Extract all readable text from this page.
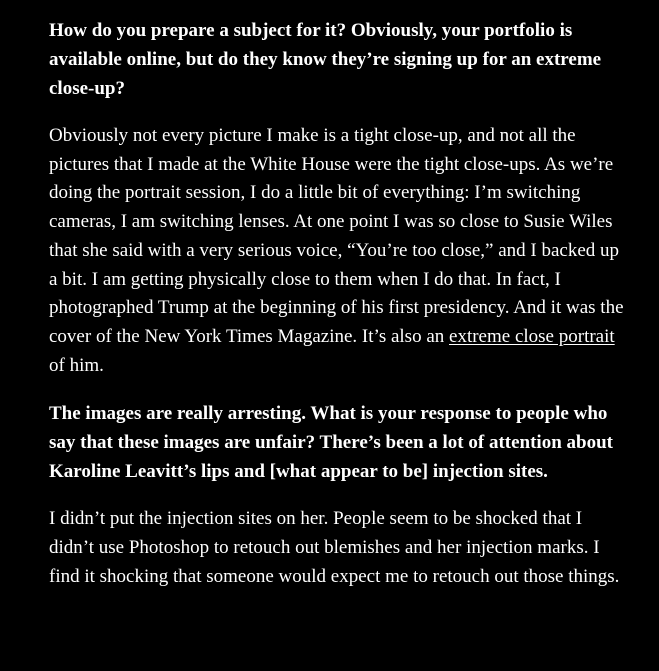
How do you prepare a subject for it? Obviously, your portfolio is available online, but do they know they’re signing up for an extreme close-up?

Obviously not every picture I make is a tight close-up, and not all the pictures that I made at the White House were the tight close-ups. As we’re doing the portrait session, I do a little bit of everything: I’m switching cameras, I am switching lenses. At one point I was so close to Susie Wiles that she said with a very serious voice, “You’re too close,” and I backed up a bit. I am getting physically close to them when I do that. In fact, I photographed Trump at the beginning of his first presidency. And it was the cover of the New York Times Magazine. It’s also an extreme close portrait of him.

The images are really arresting. What is your response to people who say that these images are unfair? There’s been a lot of attention about Karoline Leavitt’s lips and [what appear to be] injection sites.

I didn’t put the injection sites on her. People seem to be shocked that I didn’t use Photoshop to retouch out blemishes and her injection marks. I find it shocking that someone would expect me to retouch out those things.
